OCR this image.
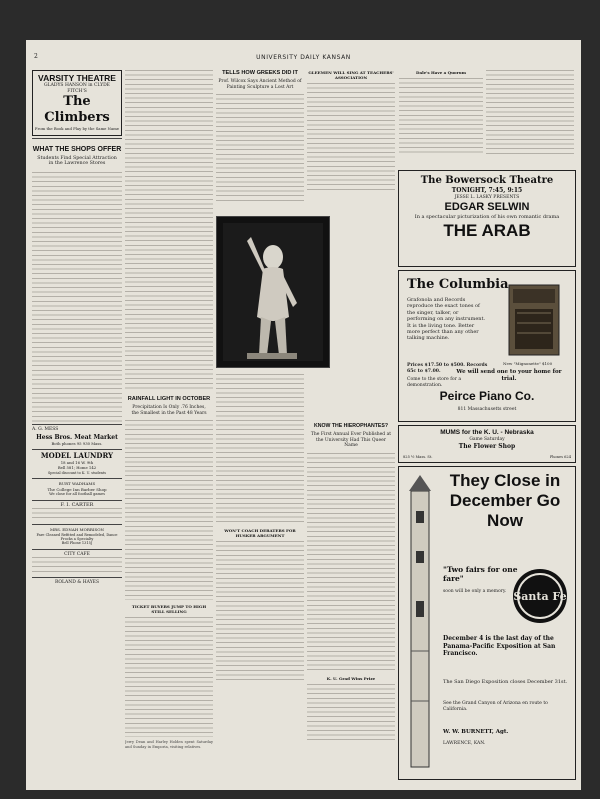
2	UNIVERSITY DAILY KANSAN

VARSITY THEATRE

GLADYS HANSON in CLYDE FITCH'S

The Climbers

From the Book and Play by the Same Name

WHAT THE SHOPS OFFER

Students Find Special Attraction in the Lawrence Stores

A. G. MESS

Hess Bros. Meat Market

Both phones 95 930 Mass.

MODEL LAUNDRY

18 and 16 W. 9th

Bell 581; Home 142

Special discount to K. U. students

BURT WADHAMS

The College Inn Barber Shop

We close for all football games

F. I. CARTER

MRS. EDNAH MORRISON

Fare Cleaned Refitted and Remodeled, Dance Frocks a Specialty

Bell Phone 1315J

CITY CAFE

ROLAND & HAYES

RAINFALL LIGHT IN OCTOBER

Precipitation Is Only .76 Inches, the Smallest in the Past 48 Years

TICKET BUYERS JUMP TO HIGH STILL SELLING

Jerry Dean and Harley Holden spent Saturday and Sunday in Emporia, visiting relatives.

TELLS HOW GREEKS DID IT

Prof. Wilcox Says Ancient Method of Painting Sculpture a Lost Art

WON'T COACH DEBATERS FOR HUSKER ARGUMENT

GLEEMEN WILL SING AT TEACHERS' ASSOCIATION

KNOW THE HIEROPHANTES?

The First Annual Ever Published at the University Had This Queer Name

K. U. Grad Wins Prize

Dale's Have a Quorum

The Bowersock Theatre

TONIGHT, 7:45, 9:15

JESSE L. LASKY PRESENTS

EDGAR SELWIN

In a spectacular picturization of his own romantic drama

THE ARAB

The Columbia

Grafonola and Records reproduce the exact tones of the singer, talker, or performing on any instrument. It is the living tone. Better more perfect than any other talking machine.

Prices $17.50 to $500. Records 65c to $7.00.

Come to the store for a demonstration.

New "Mignonette" $100

We will send one to your home for trial.

Peirce Piano Co.

811 Massachusetts street

MUMS for the K. U. - Nebraska

Game Saturday

The Flower Shop

825 ½ Mass. St.	Phones 624

They Close in December Go Now

"Two fairs for one fare"

soon will be only a memory. Santa Fe

December 4 is the last day of the Panama-Pacific Exposition at San Francisco.

The San Diego Exposition closes December 31st.

See the Grand Canyon of Arizona en route to California.

W. W. BURNETT, Agt.

LAWRENCE, KAN.
